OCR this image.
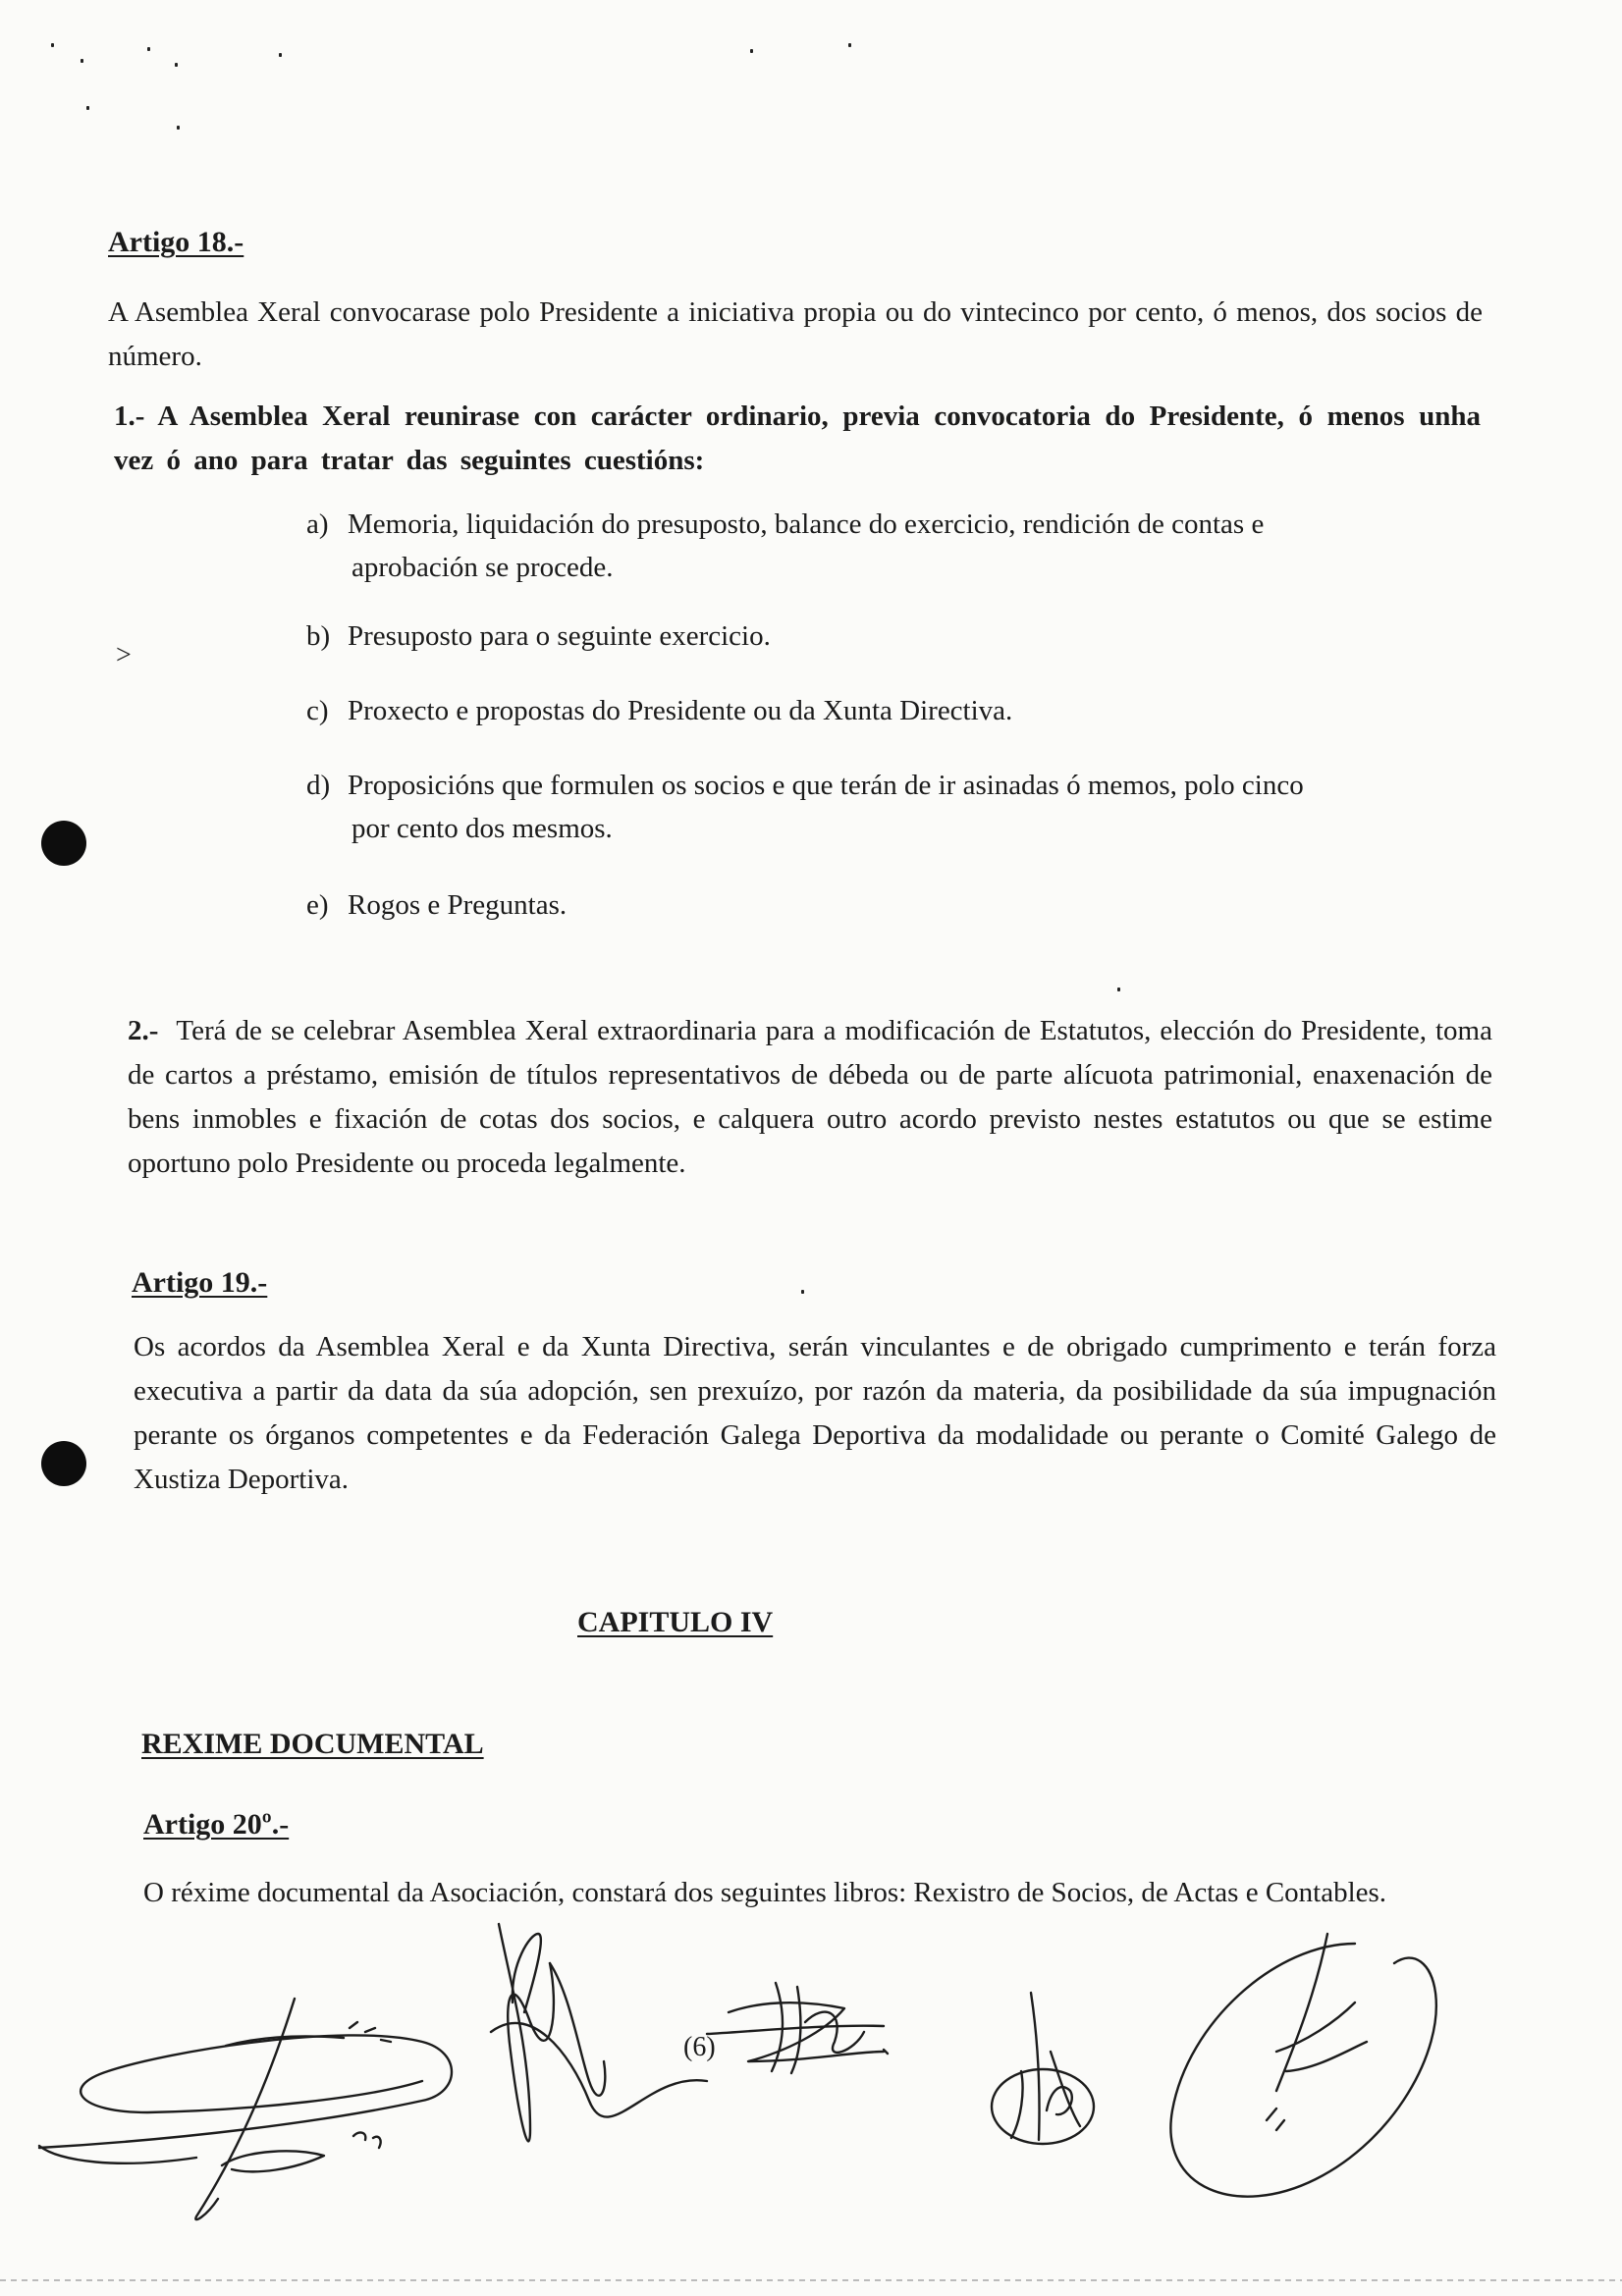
Artigo 18.-
A Asemblea Xeral convocarase polo Presidente a iniciativa propia ou do vintecinco por cento, ó menos, dos socios de número.
1.- A Asemblea Xeral reunirase con carácter ordinario, previa convocatoria do Presidente, ó menos unha vez ó ano para tratar das seguintes cuestións:
a) Memoria, liquidación do presuposto, balance do exercicio, rendición de contas e
aprobación se procede.
b) Presuposto para o seguinte exercicio.
c) Proxecto e propostas do Presidente ou da Xunta Directiva.
d) Proposicións que formulen os socios e que terán de ir asinadas ó memos, polo cinco
por cento dos mesmos.
e) Rogos e Preguntas.
>
2.- Terá de se celebrar Asemblea Xeral extraordinaria para a modificación de Estatutos, elección do Presidente, toma de cartos a préstamo, emisión de títulos representativos de débeda ou de parte alícuota patrimonial, enaxenación de bens inmobles e fixación de cotas dos socios, e calquera outro acordo previsto nestes estatutos ou que se estime oportuno polo Presidente ou proceda legalmente.
Artigo 19.-
Os acordos da Asemblea Xeral e da Xunta Directiva, serán vinculantes e de obrigado cumprimento e terán forza executiva a partir da data da súa adopción, sen prexuízo, por razón da materia, da posibilidade da súa impugnación perante os órganos competentes e da Federación Galega Deportiva da modalidade ou perante o Comité Galego de Xustiza Deportiva.
CAPITULO IV
REXIME DOCUMENTAL
Artigo 20º.-
O réxime documental da Asociación, constará dos seguintes libros: Rexistro de Socios, de Actas e Contables.
(6)
